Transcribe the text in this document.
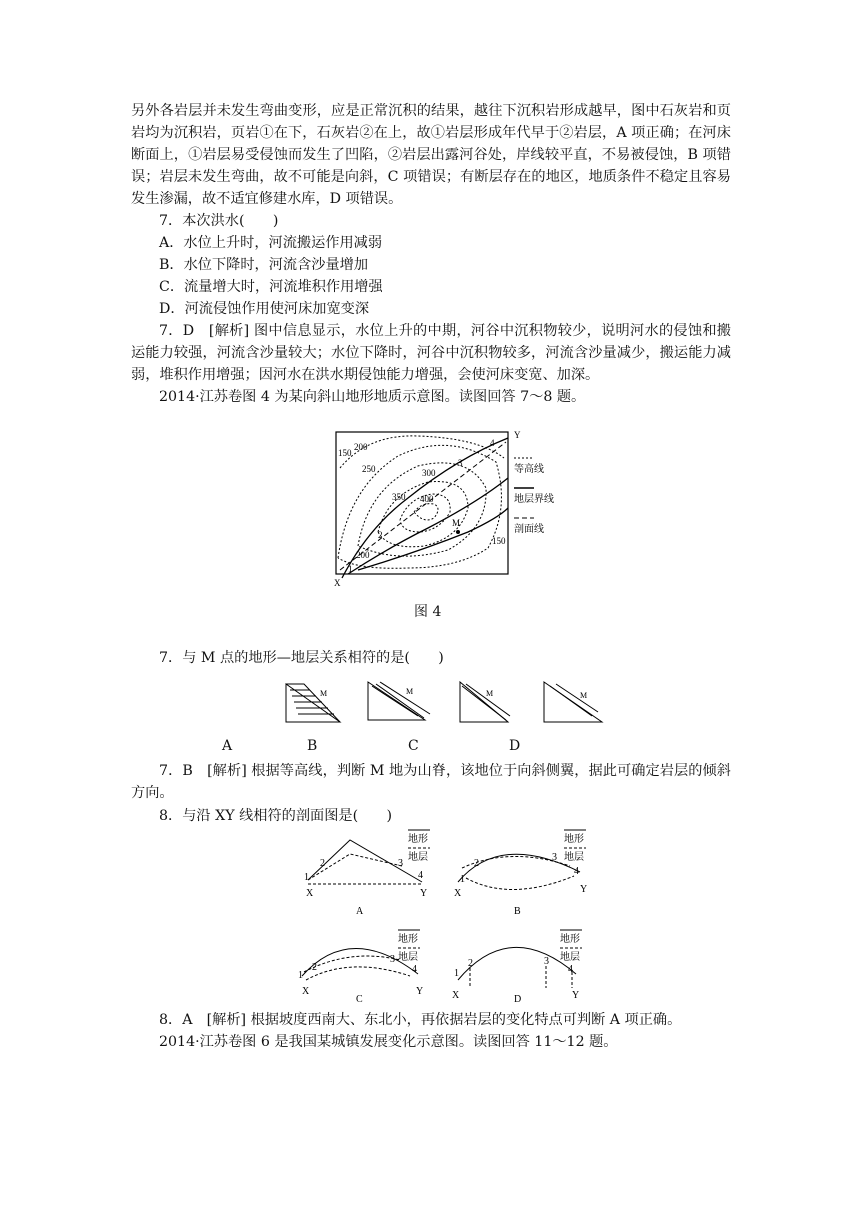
另外各岩层并未发生弯曲变形，应是正常沉积的结果，越往下沉积岩形成越早，图中石灰岩和页岩均为沉积岩，页岩①在下，石灰岩②在上，故①岩层形成年代早于②岩层，A 项正确；在河床断面上，①岩层易受侵蚀而发生了凹陷，②岩层出露河谷处，岸线较平直，不易被侵蚀，B 项错误；岩层未发生弯曲，故不可能是向斜，C 项错误；有断层存在的地区，地质条件不稳定且容易发生渗漏，故不适宜修建水库，D 项错误。

7．本次洪水(　　)

A．水位上升时，河流搬运作用减弱

B．水位下降时，河流含沙量增加

C．流量增大时，河流堆积作用增强

D．河流侵蚀作用使河床加宽变深

7．D　[解析] 图中信息显示，水位上升的中期，河谷中沉积物较少，说明河水的侵蚀和搬运能力较强，河流含沙量较大；水位下降时，河谷中沉积物较多，河流含沙量减少，搬运能力减弱，堆积作用增强；因河水在洪水期侵蚀能力增强，会使河床变宽、加深。

2014·江苏卷图 4 为某向斜山地形地质示意图。读图回答 7～8 题。

150
200
250	300
350 400
200
150
1
2
3
4
M
X
Y
等高线
地层界线
剖面线
图 4
7．与 M 点的地形—地层关系相符的是(　　)
M	M	M	M
A	B	C	D
7．B　[解析] 根据等高线，判断 M 地为山脊，该地位于向斜侧翼，据此可确定岩层的倾斜方向。
8．与沿 XY 线相符的剖面图是(　　)
地形
地层
地形
地层
地形
地层
地形
地层
1
2	3
4
X	Y
1
2
3
4
X	Y
1
2
3
4
X	Y
1
2	3
4
X	Y
A	B
C	D
8．A　[解析] 根据坡度西南大、东北小，再依据岩层的变化特点可判断 A 项正确。
2014·江苏卷图 6 是我国某城镇发展变化示意图。读图回答 11～12 题。
